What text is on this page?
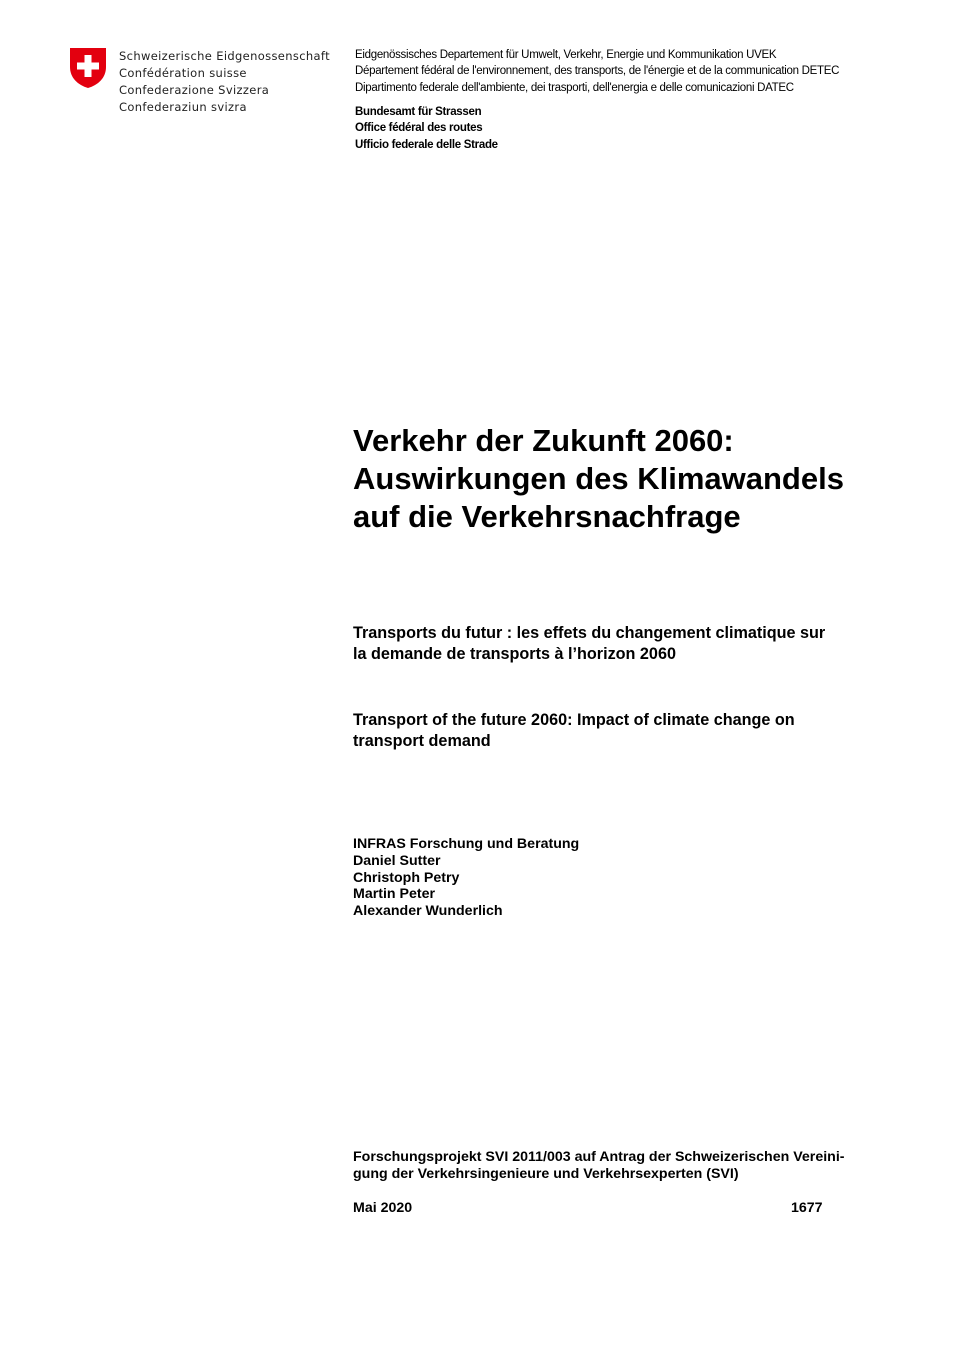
Schweizerische Eidgenossenschaft
Confédération suisse
Confederazione Svizzera
Confederaziun svizra
Eidgenössisches Departement für Umwelt, Verkehr, Energie und Kommunikation UVEK
Département fédéral de l'environnement, des transports, de l'énergie et de la communication DETEC
Dipartimento federale dell'ambiente, dei trasporti, dell'energia e delle comunicazioni DATEC
Bundesamt für Strassen
Office fédéral des routes
Ufficio federale delle Strade
Verkehr der Zukunft 2060:
Auswirkungen des Klimawandels
auf die Verkehrsnachfrage
Transports du futur : les effets du changement climatique sur
la demande de transports à l’horizon 2060
Transport of the future 2060: Impact of climate change on
transport demand
INFRAS Forschung und Beratung
Daniel Sutter
Christoph Petry
Martin Peter
Alexander Wunderlich
Forschungsprojekt SVI 2011/003 auf Antrag der Schweizerischen Vereini-
gung der Verkehrsingenieure und Verkehrsexperten (SVI)
Mai 2020	1677
